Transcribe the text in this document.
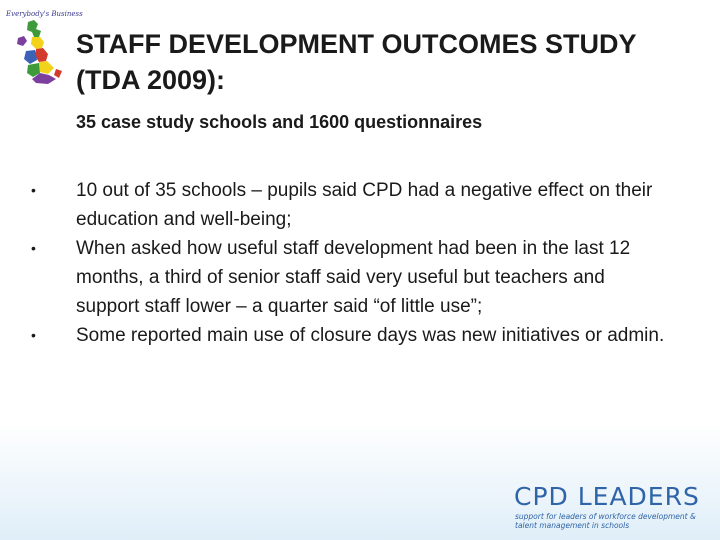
Everybody's Business
STAFF DEVELOPMENT OUTCOMES STUDY (TDA 2009):
35 case study schools and 1600 questionnaires
• 10 out of 35 schools – pupils said CPD had a negative effect on their education and well-being;
• When asked how useful staff development had been in the last 12 months, a third of senior staff said very useful but teachers and support staff lower – a quarter said “of little use”;
• Some reported main use of closure days was new initiatives or admin.
CPD LEADERS
support for leaders of workforce development & talent management in schools
